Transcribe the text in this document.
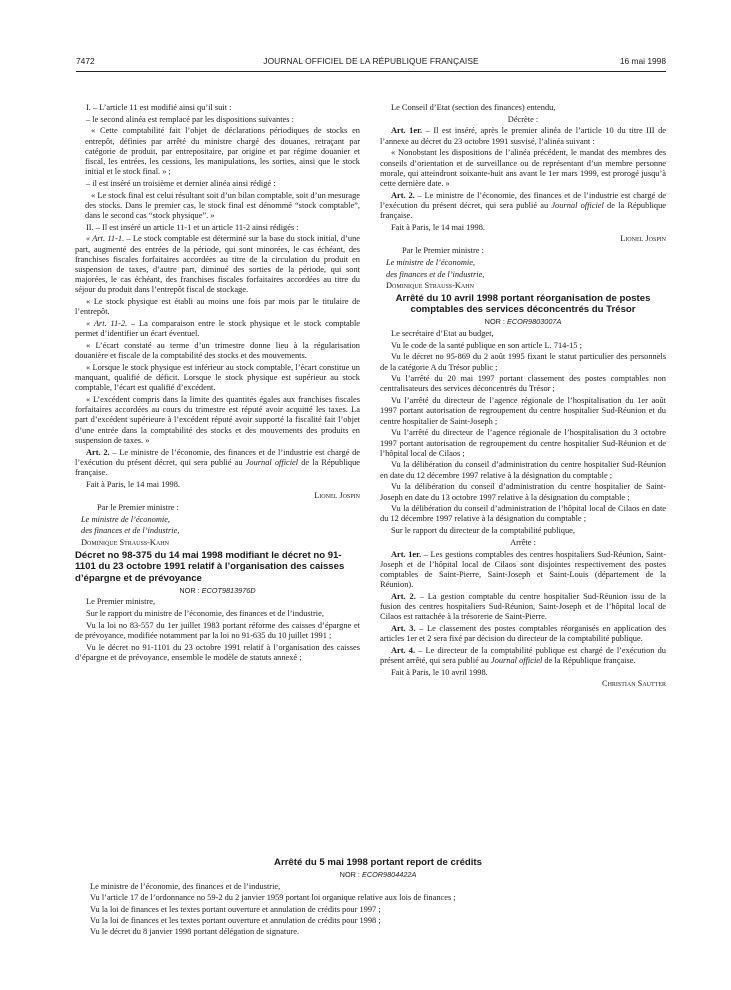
7472	JOURNAL OFFICIEL DE LA RÉPUBLIQUE FRANÇAISE	16 mai 1998

I. – L’article 11 est modifié ainsi qu’il suit :

– le second alinéa est remplacé par les dispositions suivantes :

« Cette comptabilité fait l’objet de déclarations périodiques de stocks en entrepôt, définies par arrêté du ministre chargé des douanes, retraçant par catégorie de produit, par entrepositaire, par origine et par régime douanier et fiscal, les entrées, les cessions, les manipulations, les sorties, ainsi que le stock initial et le stock final. » ;

– il est inséré un troisième et dernier alinéa ainsi rédigé :

« Le stock final est celui résultant soit d’un bilan comptable, soit d’un mesurage des stocks. Dans le premier cas, le stock final est dénommé “stock comptable”, dans le second cas “stock physique”. »

II. – Il est inséré un article 11-1 et un article 11-2 ainsi rédigés :

« Art. 11-1. – Le stock comptable est déterminé sur la base du stock initial, d’une part, augmenté des entrées de la période, qui sont minorées, le cas échéant, des franchises fiscales forfaitaires accordées au titre de la circulation du produit en suspension de taxes, d’autre part, diminué des sorties de la période, qui sont majorées, le cas échéant, des franchises fiscales forfaitaires accordées au titre du séjour du produit dans l’entrepôt fiscal de stockage.

« Le stock physique est établi au moins une fois par mois par le titulaire de l’entrepôt.

« Art. 11-2. – La comparaison entre le stock physique et le stock comptable permet d’identifier un écart éventuel.

« L’écart constaté au terme d’un trimestre donne lieu à la régularisation douanière et fiscale de la comptabilité des stocks et des mouvements.

« Lorsque le stock physique est inférieur au stock comptable, l’écart constitue un manquant, qualifié de déficit. Lorsque le stock physique est supérieur au stock comptable, l’écart est qualifié d’excédent.

« L’excédent compris dans la limite des quantités égales aux franchises fiscales forfaitaires accordées au cours du trimestre est réputé avoir acquitté les taxes. La part d’excédent supérieure à l’excédent réputé avoir supporté la fiscalité fait l’objet d’une entrée dans la comptabilité des stocks et des mouvements des produits en suspension de taxes. »

Art. 2. – Le ministre de l’économie, des finances et de l’industrie est chargé de l’exécution du présent décret, qui sera publié au Journal officiel de la République française.

Fait à Paris, le 14 mai 1998.

Lionel Jospin

Par le Premier ministre :

Le ministre de l’économie,

des finances et de l’industrie,

Dominique Strauss-Kahn

Décret no 98-375 du 14 mai 1998 modifiant le décret no 91-1101 du 23 octobre 1991 relatif à l’organisation des caisses d’épargne et de prévoyance

NOR : ECOT9813976D

Le Premier ministre,

Sur le rapport du ministre de l’économie, des finances et de l’industrie,

Vu la loi no 83-557 du 1er juillet 1983 portant réforme des caisses d’épargne et de prévoyance, modifiée notamment par la loi no 91-635 du 10 juillet 1991 ;

Vu le décret no 91-1101 du 23 octobre 1991 relatif à l’organisation des caisses d’épargne et de prévoyance, ensemble le modèle de statuts annexé ;

Le Conseil d’Etat (section des finances) entendu,

Décrète :

Art. 1er. – Il est inséré, après le premier alinéa de l’article 10 du titre III de l’annexe au décret du 23 octobre 1991 susvisé, l’alinéa suivant :

« Nonobstant les dispositions de l’alinéa précédent, le mandat des membres des conseils d’orientation et de surveillance ou de représentant d’un membre personne morale, qui atteindront soixante-huit ans avant le 1er mars 1999, est prorogé jusqu’à cette dernière date. »

Art. 2. – Le ministre de l’économie, des finances et de l’industrie est chargé de l’exécution du présent décret, qui sera publié au Journal officiel de la République française.

Fait à Paris, le 14 mai 1998.

Lionel Jospin

Par le Premier ministre :

Le ministre de l’économie,

des finances et de l’industrie,

Dominique Strauss-Kahn

Arrêté du 10 avril 1998 portant réorganisation de postes comptables des services déconcentrés du Trésor

NOR : ECOR9803007A

Le secrétaire d’Etat au budget,

Vu le code de la santé publique en son article L. 714-15 ;

Vu le décret no 95-869 du 2 août 1995 fixant le statut particulier des personnels de la catégorie A du Trésor public ;

Vu l’arrêté du 20 mai 1997 portant classement des postes comptables non centralisateurs des services déconcentrés du Trésor ;

Vu l’arrêté du directeur de l’agence régionale de l’hospitalisation du 1er août 1997 portant autorisation de regroupement du centre hospitalier Sud-Réunion et du centre hospitalier de Saint-Joseph ;

Vu l’arrêté du directeur de l’agence régionale de l’hospitalisation du 3 octobre 1997 portant autorisation de regroupement du centre hospitalier Sud-Réunion et de l’hôpital local de Cilaos ;

Vu la délibération du conseil d’administration du centre hospitalier Sud-Réunion en date du 12 décembre 1997 relative à la désignation du comptable ;

Vu la délibération du conseil d’administration du centre hospitalier de Saint-Joseph en date du 13 octobre 1997 relative à la désignation du comptable ;

Vu la délibération du conseil d’administration de l’hôpital local de Cilaos en date du 12 décembre 1997 relative à la désignation du comptable ;

Sur le rapport du directeur de la comptabilité publique,

Arrête :

Art. 1er. – Les gestions comptables des centres hospitaliers Sud-Réunion, Saint-Joseph et de l’hôpital local de Cilaos sont disjointes respectivement des postes comptables de Saint-Pierre, Saint-Joseph et Saint-Louis (département de la Réunion).

Art. 2. – La gestion comptable du centre hospitalier Sud-Réunion issu de la fusion des centres hospitaliers Sud-Réunion, Saint-Joseph et de l’hôpital local de Cilaos est rattachée à la trésorerie de Saint-Pierre.

Art. 3. – Le classement des postes comptables réorganisés en application des articles 1er et 2 sera fixé par décision du directeur de la comptabilité publique.

Art. 4. – Le directeur de la comptabilité publique est chargé de l’exécution du présent arrêté, qui sera publié au Journal officiel de la République française.

Fait à Paris, le 10 avril 1998.

Christian Sautter

Arrêté du 5 mai 1998 portant report de crédits

NOR : ECOR9804422A

Le ministre de l’économie, des finances et de l’industrie,

Vu l’article 17 de l’ordonnance no 59-2 du 2 janvier 1959 portant loi organique relative aux lois de finances ;

Vu la loi de finances et les textes portant ouverture et annulation de crédits pour 1997 ;

Vu la loi de finances et les textes portant ouverture et annulation de crédits pour 1998 ;

Vu le décret du 8 janvier 1998 portant délégation de signature.
